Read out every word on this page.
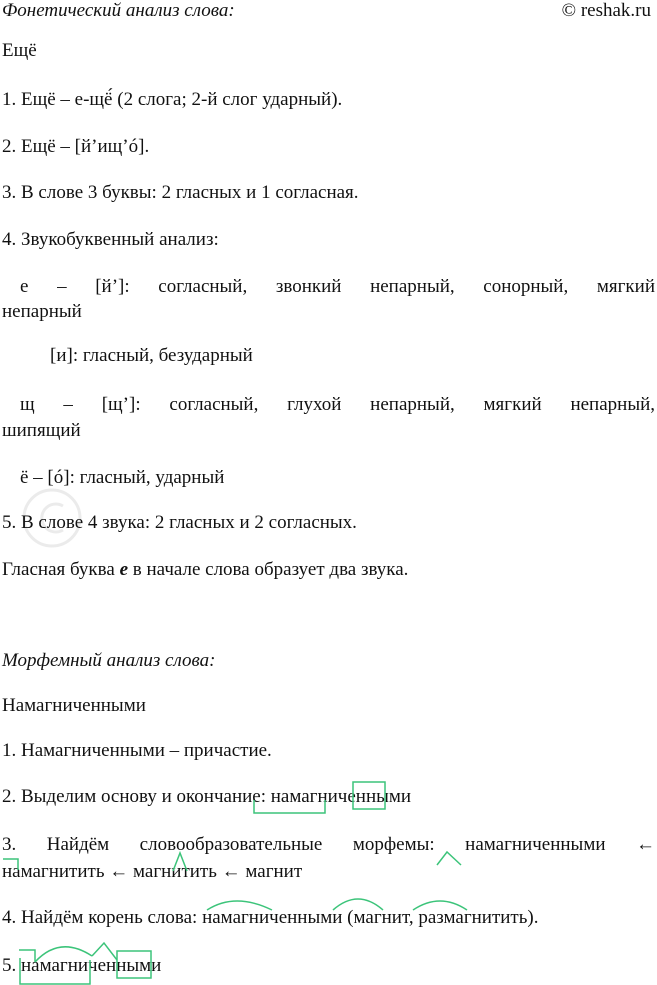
Фонетический анализ слова:	© reshak.ru
Ещё
1. Ещё – е-щё́ (2 слога; 2-й слог ударный).
2. Ещё – [й’ищ’ó].
3. В слове 3 буквы: 2 гласных и 1 согласная.
4. Звукобуквенный анализ:
е – [й’]: согласный, звонкий непарный, сонорный, мягкий
непарный
[и]: гласный, безударный
щ – [щ’]: согласный, глухой непарный, мягкий непарный,
шипящий
ё – [ó]: гласный, ударный
5. В слове 4 звука: 2 гласных и 2 согласных.
Гласная буква е в начале слова образует два звука.
Морфемный анализ слова:
Намагниченными
1. Намагниченными – причастие.
2. Выделим основу и окончание: намагниченными
3. Найдём словообразовательные морфемы: намагниченными ←
намагнитить ← магнитить ← магнит
4. Найдём корень слова: намагниченными (магнит, размагнитить).
5. намагниченными
